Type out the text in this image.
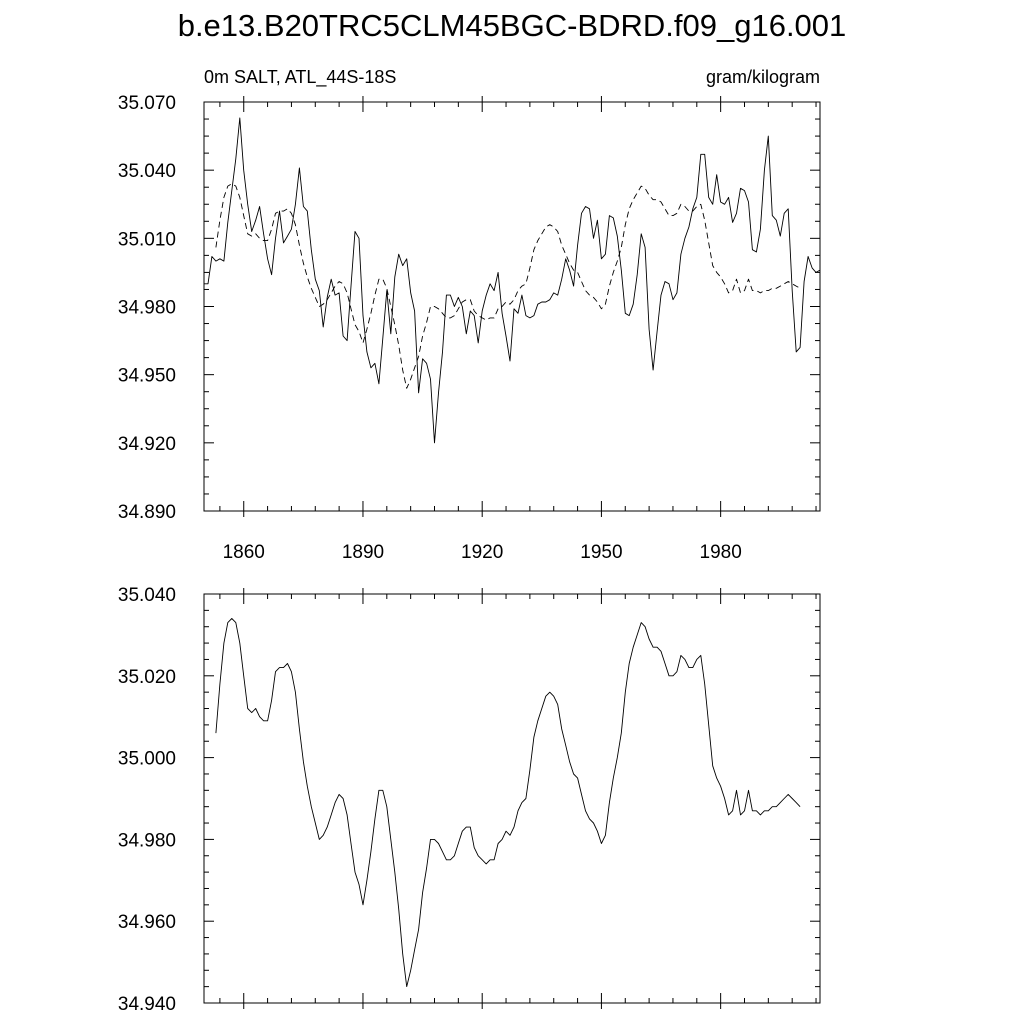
b.e13.B20TRC5CLM45BGC-BDRD.f09_g16.001
0m SALT, ATL_44S-18S	gram/kilogram
34.890
34.920
34.950
34.980
35.010
35.040
35.070
1860	1890	1920	1950	1980
34.940
34.960
34.980
35.000
35.020
35.040
